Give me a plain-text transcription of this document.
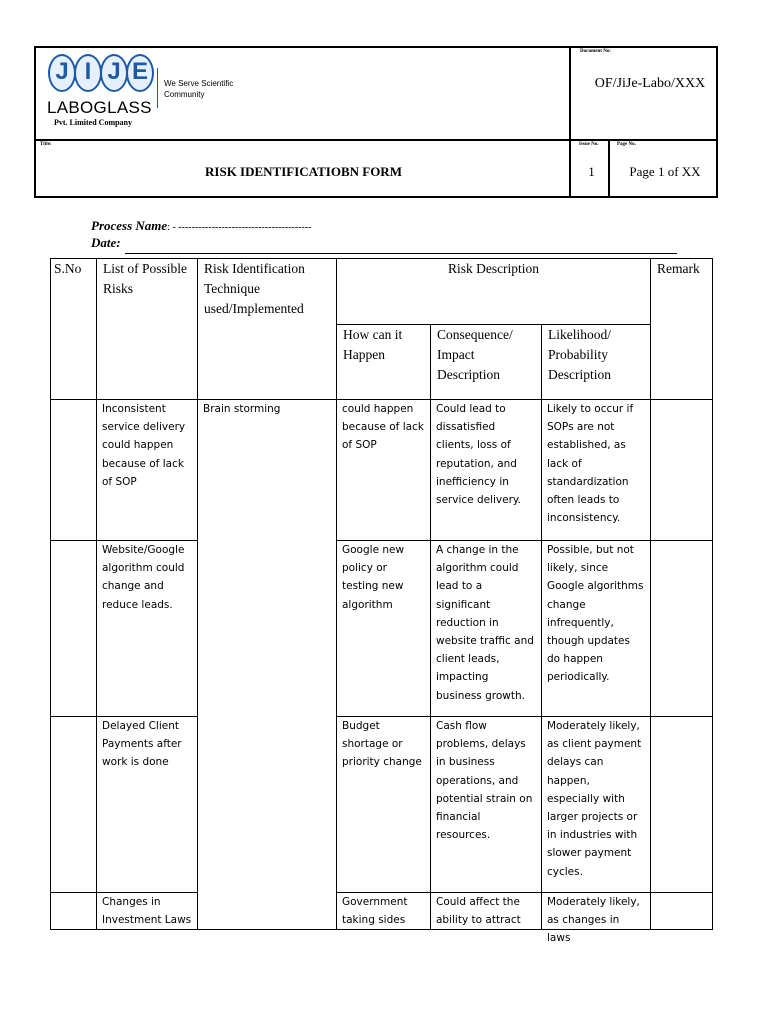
J I J E
LABOGLASS
Pvt. Limited Company
We Serve Scientific Community
Document No:
OF/JiJe-Labo/XXX
Title:
RISK IDENTIFICATIOBN FORM
Issue No.
1
Page No.
Page 1 of XX
Process Name: - ----------------------------------------
Date:
S.No	List of Possible Risks	Risk Identification Technique used/Implemented	Risk Description			Remark
			How can it Happen	Consequence/ Impact Description	Likelihood/ Probability Description	
	Inconsistent service delivery could happen because of lack of SOP	Brain storming	could happen because of lack of SOP	Could lead to dissatisfied clients, loss of reputation, and inefficiency in service delivery.	Likely to occur if SOPs are not established, as lack of standardization often leads to inconsistency.	
	Website/Google algorithm could change and reduce leads.		Google new policy or testing new algorithm	A change in the algorithm could lead to a significant reduction in website traffic and client leads, impacting business growth.	Possible, but not likely, since Google algorithms change infrequently, though updates do happen periodically.	
	Delayed Client Payments after work is done		Budget shortage or priority change	Cash flow problems, delays in business operations, and potential strain on financial resources.	Moderately likely, as client payment delays can happen, especially with larger projects or in industries with slower payment cycles.	

	Changes in Investment Laws		Government taking sides	Could affect the ability to attract	Moderately likely, as changes in laws	
